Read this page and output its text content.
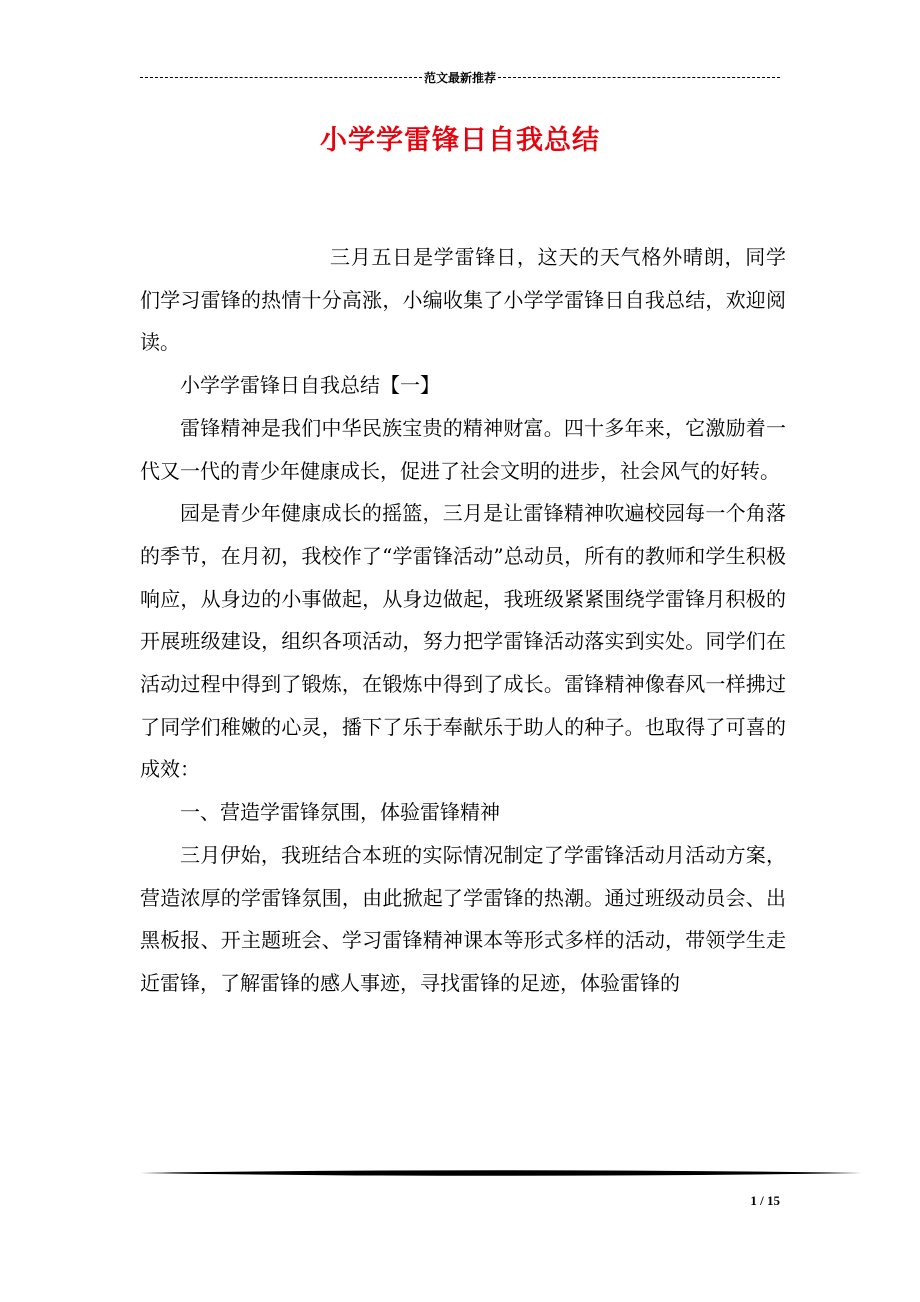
范文最新推荐
小学学雷锋日自我总结

三月五日是学雷锋日，这天的天气格外晴朗，同学们学习雷锋的热情十分高涨，小编收集了小学学雷锋日自我总结，欢迎阅读。

小学学雷锋日自我总结【一】

雷锋精神是我们中华民族宝贵的精神财富。四十多年来，它激励着一代又一代的青少年健康成长，促进了社会文明的进步，社会风气的好转。

园是青少年健康成长的摇篮，三月是让雷锋精神吹遍校园每一个角落的季节，在月初，我校作了“学雷锋活动”总动员，所有的教师和学生积极响应，从身边的小事做起，从身边做起，我班级紧紧围绕学雷锋月积极的开展班级建设，组织各项活动，努力把学雷锋活动落实到实处。同学们在活动过程中得到了锻炼，在锻炼中得到了成长。雷锋精神像春风一样拂过了同学们稚嫩的心灵，播下了乐于奉献乐于助人的种子。也取得了可喜的成效：

一、营造学雷锋氛围，体验雷锋精神

三月伊始，我班结合本班的实际情况制定了学雷锋活动月活动方案，营造浓厚的学雷锋氛围，由此掀起了学雷锋的热潮。通过班级动员会、出黑板报、开主题班会、学习雷锋精神课本等形式多样的活动，带领学生走近雷锋，了解雷锋的感人事迹，寻找雷锋的足迹，体验雷锋的

1 / 15
